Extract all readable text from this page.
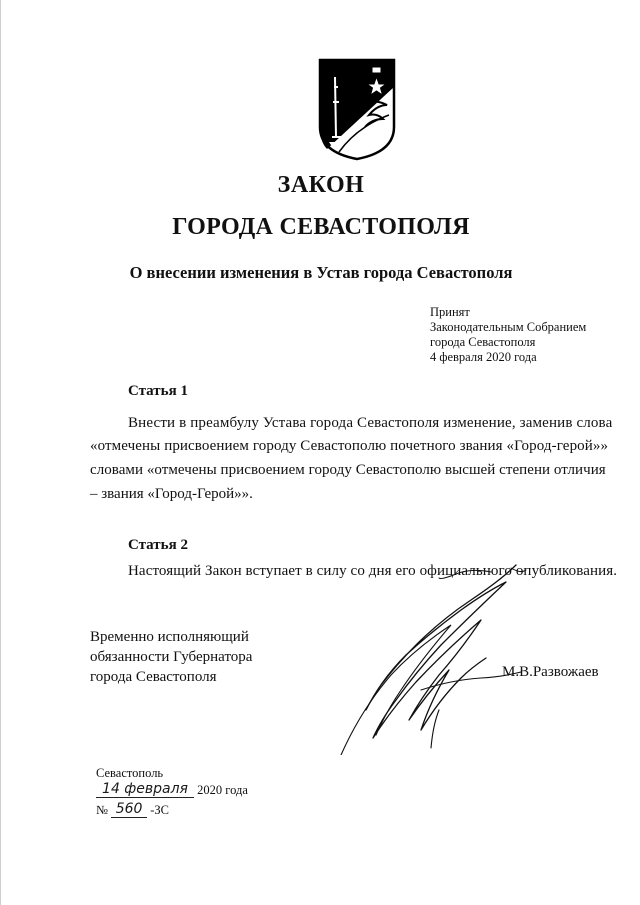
ЗАКОН
ГОРОДА СЕВАСТОПОЛЯ
О внесении изменения в Устав города Севастополя
Принят
Законодательным Собранием
города Севастополя
4 февраля 2020 года
Статья 1
Внести в преамбулу Устава города Севастополя изменение, заменив слова
«отмечены присвоением городу Севастополю почетного звания «Город-герой»»
словами «отмечены присвоением городу Севастополю высшей степени отличия
– звания «Город-Герой»».
Статья 2
Настоящий Закон вступает в силу со дня его официального опубликования.
Временно исполняющий
обязанности Губернатора
города Севастополя	М.В.Развожаев
Севастополь
14 февраля 2020 года
№ 560 -ЗС
